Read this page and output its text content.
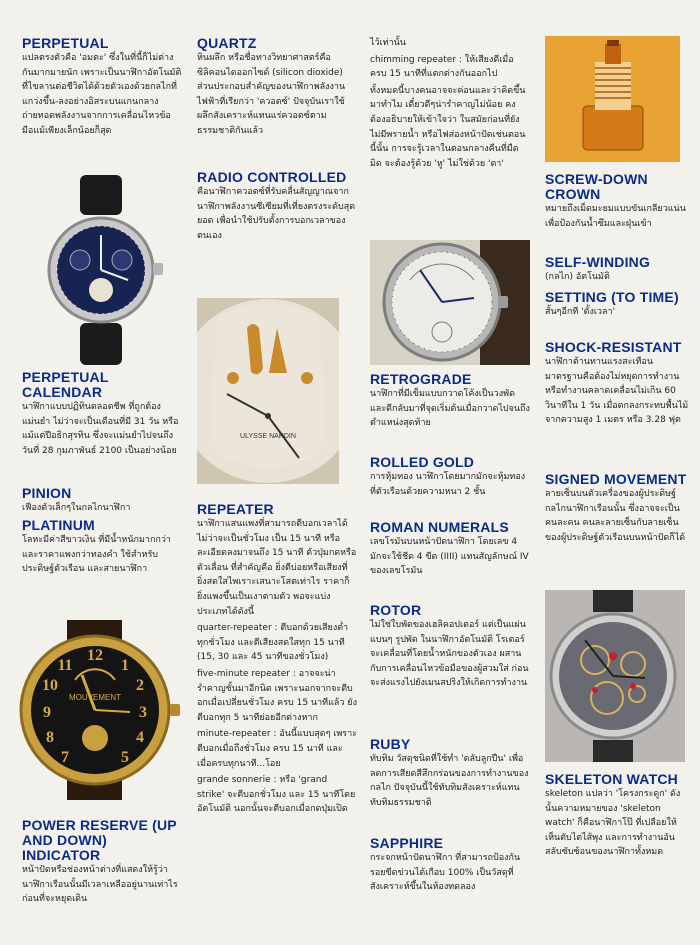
PERPETUAL

แปลตรงตัวคือ 'อมตะ' ซึ่งในที่นี้ก็ไม่ต่างกันมากมายนัก เพราะเป็นนาฬิกาอัตโนมัติที่ไขลานต่อชีวิตได้ด้วยตัวเองด้วยกลไกที่แกว่งขึ้น-ลงอย่างอิสระบนแกนกลาง ถ่ายทอดพลังงานจากการเคลื่อนไหวข้อมือแม้เพียงเล็กน้อยก็สุด

PERPETUAL CALENDAR

นาฬิกาแบบปฏิทินตลอดชีพ ที่ถูกต้องแม่นยำ ไม่ว่าจะเป็นเดือนที่มี 31 วัน หรือแม้แต่ปีอธิกสุรทิน ซึ่งจะแม่นยำไปจนถึงวันที่ 28 กุมภาพันธ์ 2100 เป็นอย่างน้อย

PINION

เฟืองตัวเล็กๆในกลไกนาฬิกา

PLATINUM

โลหะมีค่าสีขาวเงิน ที่มีน้ำหนักมากกว่า และราคาแพงกว่าทองคำ ใช้สำหรับประดิษฐ์ตัวเรือน และสายนาฬิกา

12
1
2
3
4
5
7
8
9
10
11
MOUVEMENT
POWER RESERVE (UP AND DOWN) INDICATOR

หน้าปัดหรือช่องหน้าต่างที่แสดงให้รู้ว่า นาฬิกาเรือนนั้นมีเวลาเหลืออยู่นานเท่าไรก่อนที่จะหยุดเดิน

QUARTZ

หินผลึก หรือชื่อทางวิทยาศาสตร์คือ ซิลิคอนไดออกไซด์ (silicon dioxide) ส่วนประกอบสำคัญของนาฬิกาพลังงานไฟฟ้าที่เรียกว่า 'ควอตซ์' ปัจจุบันเราใช้ผลึกสังเคราะห์แทนแร่ควอตซ์ตามธรรมชาติกันแล้ว

RADIO CONTROLLED

คือนาฬิกาควอตซ์ที่รับคลื่นสัญญาณจากนาฬิกาพลังงานซีเซียมที่เที่ยงตรงระดับสุดยอด เพื่อนำใช้ปรับตั้งการบอกเวลาของตนเอง

ULYSSE NARDIN
REPEATER

นาฬิกาแสนแพงที่สามารถตีบอกเวลาได้ ไม่ว่าจะเป็นชั่วโมง เป็น 15 นาที หรือละเอียดลงมาจนถึง 15 นาที ตัวปุ่มกดหรือตัวเลื่อน ที่สำคัญคือ ยิ่งตีบ่อยหรือเสียงที่ยิ่งสดใสไพเราะเสนาะโสตเท่าไร ราคาก็ยิ่งแพงขึ้นเป็นเงาตามตัว พอจะแบ่งประเภทได้ดังนี้

quarter-repeater : ตีบอกด้วยเสียงต่ำทุกชั่วโมง และตีเสียงสดใสทุก 15 นาที (15, 30 และ 45 นาทีของชั่วโมง)

five-minute repeater : อาจจะน่ารำคาญชั้นมาอีกนิด เพราะนอกจากจะตีบอกเมื่อเปลี่ยนชั่วโมง ครบ 15 นาทีแล้ว ยังตีบอกทุก 5 นาทีย่อยอีกต่างหาก

minute-repeater : อันนี้แบบสุดๆ เพราะตีบอกเมื่อถึงชั่วโมง ครบ 15 นาที และเมื่อครบทุกนาที...โอย

grande sonnerie : หรือ 'grand strike' จะตีบอกชั่วโมง และ 15 นาทีโดยอัตโนมัติ นอกนั้นจะตีบอกเมื่อกดปุ่มเปิด

ไว้เท่านั้น

chimming repeater : ให้เสียงดีเมื่อครบ 15 นาทีที่แตกต่างกันออกไป

ทั้งหมดนี้บางคนอาจจะค่อนและว่าคิดขึ้นมาทำไม เดี๋ยวดีๆน่ารำคาญไม่น้อย คงต้องอธิบายให้เข้าใจว่า ในสมัยก่อนที่ยังไม่มีพรายน้ำ หรือไฟส่องหน้าปัดเช่นตอนนี้นั้น การจะรู้เวลาในตอนกลางคืนที่มืดมิด จะต้องรู้ด้วย 'หู' ไม่ใช่ด้วย 'ตา'

RETROGRADE

นาฬิกาที่มีเข็มแบบกวาดโค้งเป็นวงพัด และดีกลับมาที่จุดเริ่มต้นเมื่อกวาดไปจนถึงตำแหน่งสุดท้าย

ROLLED GOLD

การหุ้มทอง นาฬิกาโดยมากมักจะหุ้มทองที่ตัวเรือนด้วยความหนา 2 ชั้น

ROMAN NUMERALS

เลขโรมันบนหน้าปัดนาฬิกา โดยเลข 4 มักจะใช้ชีด 4 ขีด (IIII) แทนสัญลักษณ์ IV ของเลขโรมัน

ROTOR

ไม่ใช่ใบพัดของเฮลิคอปเตอร์ แต่เป็นแผ่นแบนๆ รูปพัด ในนาฬิกาอัตโนมัติ โรเตอร์จะเคลื่อนที่โดยน้ำหนักของตัวเอง ผสานกับการเคลื่อนไหวข้อมือของผู้สวมใส่ ก่อนจะส่งแรงไปยังเมนสปริงให้เกิดการทำงาน

RUBY

ทับทิม วัสดุชนิดที่ใช้ทำ 'ตลับลูกปืน' เพื่อลดการเสียดสีสึกกร่อนของการทำงานของกลไก ปัจจุบันนี้ใช้ทับทิมสังเคราะห์แทนทับทิมธรรมชาติ

SAPPHIRE

กระจกหน้าปัดนาฬิกา ที่สามารถป้องกันรอยขีดข่วนได้เกือบ 100% เป็นวัสดุที่สังเคราะห์ขึ้นในห้องทดลอง

SCREW-DOWN CROWN

หมายถึงเม็ดมะยมแบบขันเกลียวแน่น เพื่อป้องกันน้ำซึมและฝุ่นเข้า

SELF-WINDING

(กลไก) อัตโนมัติ

SETTING (TO TIME)

สั้นๆอีกที 'ตั้งเวลา'

SHOCK-RESISTANT

นาฬิกาต้านทานแรงสะเทือน มาตรฐานคือต้องไม่หยุดการทำงาน หรือทำงานคลาดเคลื่อนไม่เกิน 60 วินาทีใน 1 วัน เมื่อตกลงกระทบพื้นไม้จากความสูง 1 เมตร หรือ 3.28 ฟุต

SIGNED MOVEMENT

ลายเซ็นบนตัวเครื่องของผู้ประดิษฐ์กลไกนาฬิกาเรือนนั้น ซึ่งอาจจะเป็นคนละคน คนละลายเซ็นกับลายเซ็นของผู้ประดิษฐ์ตัวเรือนบนหน้าปัดก็ได้

SKELETON WATCH

skeleton แปลว่า 'โครงกระดูก' ดังนั้นความหมายของ 'skeleton watch' ก็คือนาฬิกาโป๊ ที่เปลือยให้เห็นตับไตไส้พุง และการทำงานอันสลับซับซ้อนของนาฬิกาทั้งหมด
